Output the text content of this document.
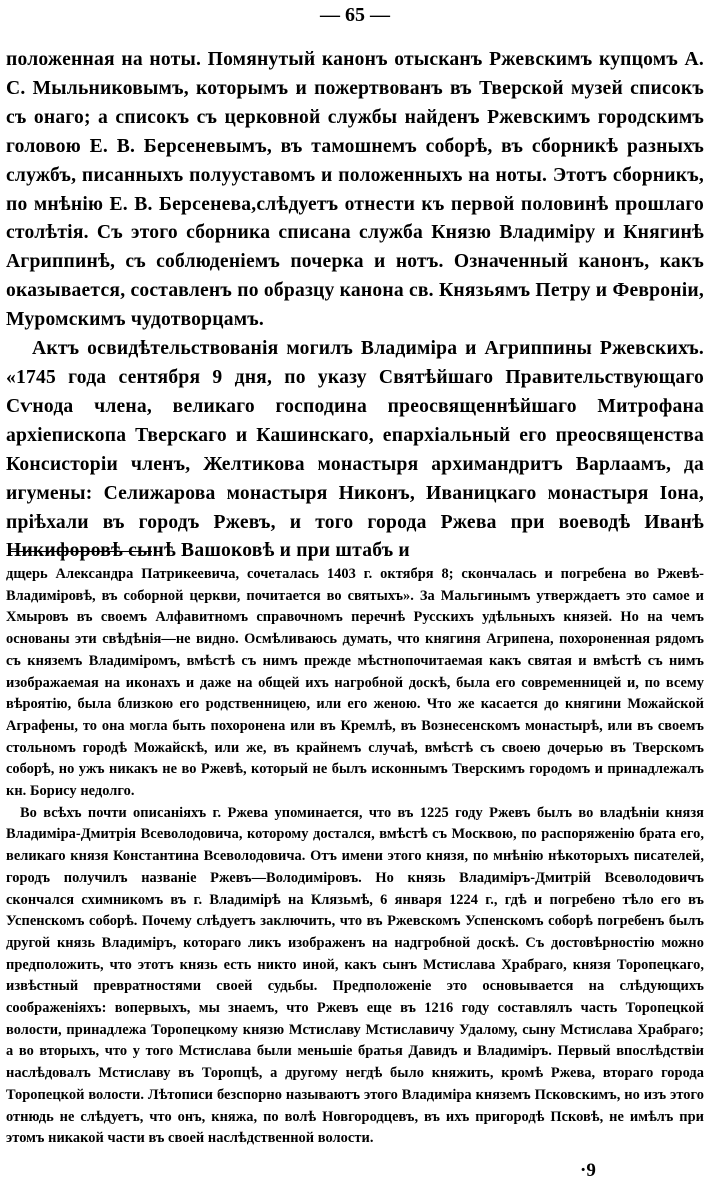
— 65 —

положенная на ноты. Помянутый канонъ отысканъ Ржевскимъ купцомъ А. С. Мыльниковымъ, которымъ и пожертвованъ въ Тверской музей списокъ съ онаго; а списокъ съ церковной службы найденъ Ржевскимъ городскимъ головою Е. В. Берсеневымъ, въ тамошнемъ соборѣ, въ сборникѣ разныхъ службъ, писанныхъ полууставомъ и положенныхъ на ноты. Этотъ сборникъ, по мнѣнію Е. В. Берсенева,слѣдуетъ отнести къ первой половинѣ прошлаго столѣтія. Съ этого сборника списана служба Князю Владиміру и Княгинѣ Агриппинѣ, съ соблюденіемъ почерка и нотъ. Означенный канонъ, какъ оказывается, составленъ по образцу канона св. Князьямъ Петру и Февроніи, Муромскимъ чудотворцамъ.

Актъ освидѣтельствованія могилъ Владиміра и Агриппины Ржевскихъ. «1745 года сентября 9 дня, по указу Святѣйшаго Правительствующаго Сѵнода члена, великаго господина преосвященнѣйшаго Митрофана архіепископа Тверскаго и Кашинскаго, епархіальный его преосвященства Консисторіи членъ, Желтикова монастыря архимандритъ Варлаамъ, да игумены: Селижарова монастыря Никонъ, Иваницкаго монастыря Іона, пріѣхали въ городъ Ржевъ, и того города Ржева при воеводѣ Иванѣ Никифоровѣ сынѣ Вашоковѣ и при штабъ и

дщерь Александра Патрикеевича, сочеталась 1403 г. октября 8; скончалась и погребена во Ржевѣ-Владиміровѣ, въ соборной церкви, почитается во святыхъ». За Мальгинымъ утверждаетъ это самое и Хмыровъ въ своемъ Алфавитномъ справочномъ перечнѣ Русскихъ удѣльныхъ князей. Но на чемъ основаны эти свѣдѣнія—не видно. Осмѣливаюсь думать, что княгиня Агрипена, похороненная рядомъ съ княземъ Владиміромъ, вмѣстѣ съ нимъ прежде мѣстнопочитаемая какъ святая и вмѣстѣ съ нимъ изображаемая на иконахъ и даже на общей ихъ нагробной доскѣ, была его современницей и, по всему вѣроятію, была близкою его родственницею, или его женою. Что же касается до княгини Можайской Аграфены, то она могла быть похоронена или въ Кремлѣ, въ Вознесенскомъ монастырѣ, или въ своемъ стольномъ городѣ Можайскѣ, или же, въ крайнемъ случаѣ, вмѣстѣ съ своею дочерью въ Тверскомъ соборѣ, но ужъ никакъ не во Ржевѣ, который не былъ исконнымъ Тверскимъ городомъ и принадлежалъ кн. Борису недолго.

Во всѣхъ почти описаніяхъ г. Ржева упоминается, что въ 1225 году Ржевъ былъ во владѣніи князя Владиміра-Дмитрія Всеволодовича, которому достался, вмѣстѣ съ Москвою, по распоряженію брата его, великаго князя Константина Всеволодовича. Отъ имени этого князя, по мнѣнію нѣкоторыхъ писателей, городъ получилъ названіе Ржевъ—Володиміровъ. Но князь Владиміръ-Дмитрій Всеволодовичъ скончался схимникомъ въ г. Владимірѣ на Клязьмѣ, 6 января 1224 г., гдѣ и погребено тѣло его въ Успенскомъ соборѣ. Почему слѣдуетъ заключить, что въ Ржевскомъ Успенскомъ соборѣ погребенъ былъ другой князь Владиміръ, котораго ликъ изображенъ на надгробной доскѣ. Съ достовѣрностію можно предположить, что этотъ князь есть никто иной, какъ сынъ Мстислава Храбраго, князя Торопецкаго, извѣстный превратностями своей судьбы. Предположеніе это основывается на слѣдующихъ соображеніяхъ: вопервыхъ, мы знаемъ, что Ржевъ еще въ 1216 году составлялъ часть Торопецкой волости, принадлежа Торопецкому князю Мстиславу Мстиславичу Удалому, сыну Мстислава Храбраго; а во вторыхъ, что у того Мстислава были меньшіе братья Давидъ и Владиміръ. Первый впослѣдствіи наслѣдовалъ Мстиславу въ Торопцѣ, а другому негдѣ было княжить, кромѣ Ржева, втораго города Торопецкой волости. Лѣтописи безспорно называютъ этого Владиміра княземъ Псковскимъ, но изъ этого отнюдь не слѣдуетъ, что онъ, княжа, по волѣ Новгородцевъ, въ ихъ пригородѣ Псковѣ, не имѣлъ при этомъ никакой части въ своей наслѣдственной волости.

·9
